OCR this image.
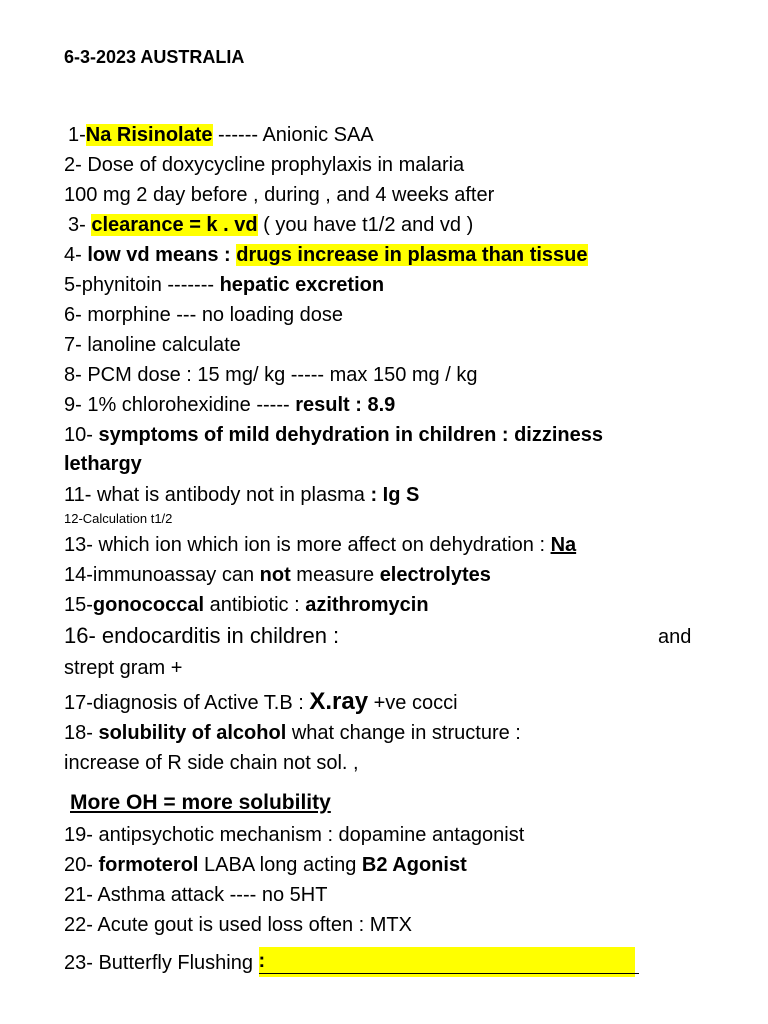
6-3-2023 AUSTRALIA
1-Na Risinolate ------ Anionic SAA
2- Dose of doxycycline prophylaxis in malaria
100 mg 2 day before , during , and 4 weeks after
3- clearance = k . vd ( you have t1/2 and vd )
4- low vd means : drugs increase in plasma than tissue
5-phynitoin ------- hepatic excretion
6- morphine --- no loading dose
7- lanoline calculate
8- PCM dose : 15 mg/ kg ----- max 150 mg / kg
9- 1% chlorohexidine ----- result : 8.9
10- symptoms of mild dehydration in children : dizziness
lethargy
11- what is antibody not in plasma : Ig S
12-Calculation t1/2
13- which ion which ion is more affect on dehydration : Na
14-immunoassay can not measure electrolytes
15-gonococcal antibiotic : azithromycin
16- endocarditis in children :	and
strept gram +
17-diagnosis of Active T.B : X.ray +ve cocci
18- solubility of alcohol what change in structure :
increase of R side chain not sol. ,
More OH = more solubility
19- antipsychotic mechanism : dopamine antagonist
20- formoterol LABA long acting B2 Agonist
21- Asthma attack ---- no 5HT
22- Acute gout is used loss often : MTX
23- Butterfly Flushing :
